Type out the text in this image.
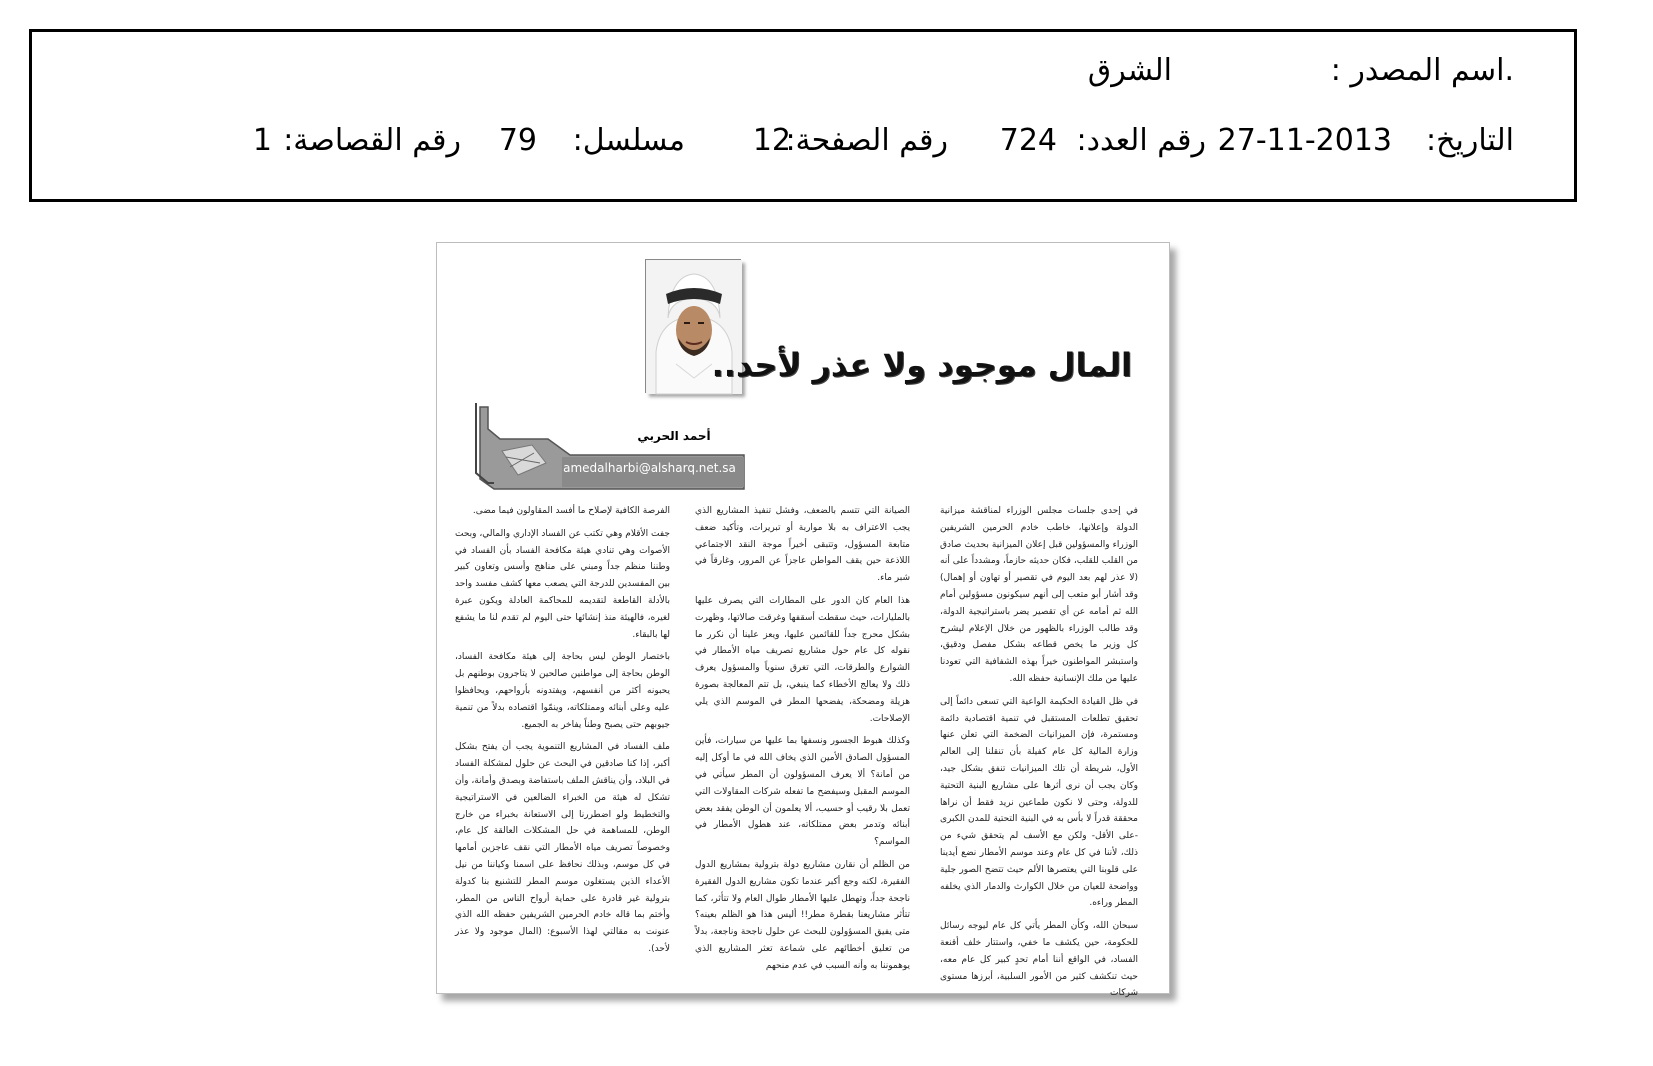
.اسم المصدر :
الشرق
التاريخ:
27-11-2013
رقم العدد:
724
رقم الصفحة:
12
مسلسل:
79
رقم القصاصة:
1
المال موجود ولا عذر لأحد..
أحمد الحربي
amedalharbi@alsharq.net.sa

في إحدى جلسات مجلس الوزراء لمناقشة ميزانية الدولة وإعلانها، خاطب خادم الحرمين الشريفين الوزراء والمسؤولين قبل إعلان الميزانية بحديث صادق من القلب للقلب، فكان حديثه حازماً، ومشدداً على أنه (لا عذر لهم بعد اليوم في تقصير أو تهاون أو إهمال) وقد أشار أبو متعب إلى أنهم سيكونون مسؤولين أمام الله ثم أمامه عن أي تقصير يضر باستراتيجية الدولة، وقد طالب الوزراء بالظهور من خلال الإعلام ليشرح كل وزير ما يخص قطاعه بشكل مفصل ودقيق، واستبشر المواطنون خيراً بهذه الشفافية التي تعودنا عليها من ملك الإنسانية حفظه الله.

في ظل القيادة الحكيمة الواعية التي تسعى دائماً إلى تحقيق تطلعات المستقبل في تنمية اقتصادية دائمة ومستمرة، فإن الميزانيات الضخمة التي تعلن عنها وزارة المالية كل عام كفيلة بأن تنقلنا إلى العالم الأول، شريطة أن تلك الميزانيات تنفق بشكل جيد، وكان يجب أن نرى أثرها على مشاريع البنية التحتية للدولة، وحتى لا نكون طماعين نريد فقط أن نراها محققة قدراً لا بأس به في البنية التحتية للمدن الكبرى -على الأقل- ولكن مع الأسف لم يتحقق شيء من ذلك، لأننا في كل عام وعند موسم الأمطار نضع أيدينا على قلوبنا التي يعتصرها الألم حيث تتضح الصور جلية وواضحة للعيان من خلال الكوارث والدمار الذي يخلفه المطر وراءه.

سبحان الله، وكأن المطر يأتي كل عام ليوجه رسائل للحكومة، حين يكشف ما خفي، واستتار خلف أقنعة الفساد، في الواقع أننا أمام تحدٍ كبير كل عام معه، حيث تنكشف كثير من الأمور السلبية، أبرزها مستوى شركات

الصيانة التي تتسم بالضعف، وفشل تنفيذ المشاريع الذي يجب الاعتراف به بلا مواربة أو تبريرات، وتأكيد ضعف متابعة المسؤول، وتتبقى أخيراً موجة النقد الاجتماعي اللاذعة حين يقف المواطن عاجزاً عن المرور، وغارقاً في شبر ماء.

هذا العام كان الدور على المطارات التي يصرف عليها بالمليارات، حيث سقطت أسقفها وغرقت صالاتها، وظهرت بشكل محرج جداً للقائمين عليها، ويعز علينا أن نكرر ما نقوله كل عام حول مشاريع تصريف مياه الأمطار في الشوارع والطرقات، التي تغرق سنوياً والمسؤول يعرف ذلك ولا يعالج الأخطاء كما ينبغي، بل تتم المعالجة بصورة هزيلة ومضحكة، يفضحها المطر في الموسم الذي يلي الإصلاحات.

وكذلك هبوط الجسور ونسفها بما عليها من سيارات، فأين المسؤول الصادق الأمين الذي يخاف الله في ما أوكل إليه من أمانة؟ ألا يعرف المسؤولون أن المطر سيأتي في الموسم المقبل وسيفضح ما تفعله شركات المقاولات التي تعمل بلا رقيب أو حسيب، ألا يعلمون أن الوطن يفقد بعض أبنائه وتدمر بعض ممتلكاته، عند هطول الأمطار في المواسم؟

من الظلم أن نقارن مشاريع دولة بترولية بمشاريع الدول الفقيرة، لكنه وجع أكبر عندما تكون مشاريع الدول الفقيرة ناجحة جداً، وتهطل عليها الأمطار طوال العام ولا تتأثر، كما تتأثر مشاريعنا بقطرة مطر!! أليس هذا هو الظلم بعينه؟ متى يفيق المسؤولون للبحث عن حلول ناجحة وناجعة، بدلاً من تعليق أخطائهم على شماعة تعثر المشاريع الذي يوهموننا به وأنه السبب في عدم منحهم

الفرصة الكافية لإصلاح ما أفسد المقاولون فيما مضى.

جفت الأقلام وهي تكتب عن الفساد الإداري والمالي، وبحت الأصوات وهي تنادي هيئة مكافحة الفساد بأن الفساد في وطننا منظم جداً ومبني على مناهج وأسس وتعاون كبير بين المفسدين للدرجة التي يصعب معها كشف مفسد واحد بالأدلة القاطعة لتقديمه للمحاكمة العادلة ويكون عبرة لغيره، فالهيئة منذ إنشائها حتى اليوم لم تقدم لنا ما يشفع لها بالبقاء.

باختصار الوطن ليس بحاجة إلى هيئة مكافحة الفساد، الوطن بحاجة إلى مواطنين صالحين لا يتاجرون بوطنهم بل يحبونه أكثر من أنفسهم، ويفتدونه بأرواحهم، ويحافظوا عليه وعلى أبنائه وممتلكاته، وينمّوا اقتصاده بدلاً من تنمية جيوبهم حتى يصبح وطناً يفاخر به الجميع.

ملف الفساد في المشاريع التنموية يجب أن يفتح بشكل أكبر، إذا كنا صادقين في البحث عن حلول لمشكلة الفساد في البلاد، وأن يناقش الملف باستفاضة وبصدق وأمانة، وأن تشكل له هيئة من الخبراء الضالعين في الاستراتيجية والتخطيط ولو اضطررنا إلى الاستعانة بخبراء من خارج الوطن، للمساهمة في حل المشكلات العالقة كل عام، وخصوصاً تصريف مياه الأمطار التي نقف عاجزين أمامها في كل موسم، وبذلك نحافظ على اسمنا وكياننا من نيل الأعداء الذين يستغلون موسم المطر للتشنيع بنا كدولة بترولية غير قادرة على حماية أرواح الناس من المطر، وأختم بما قاله خادم الحرمين الشريفين حفظه الله الذي عنونت به مقالتي لهذا الأسبوع: (المال موجود ولا عذر لأحد).
